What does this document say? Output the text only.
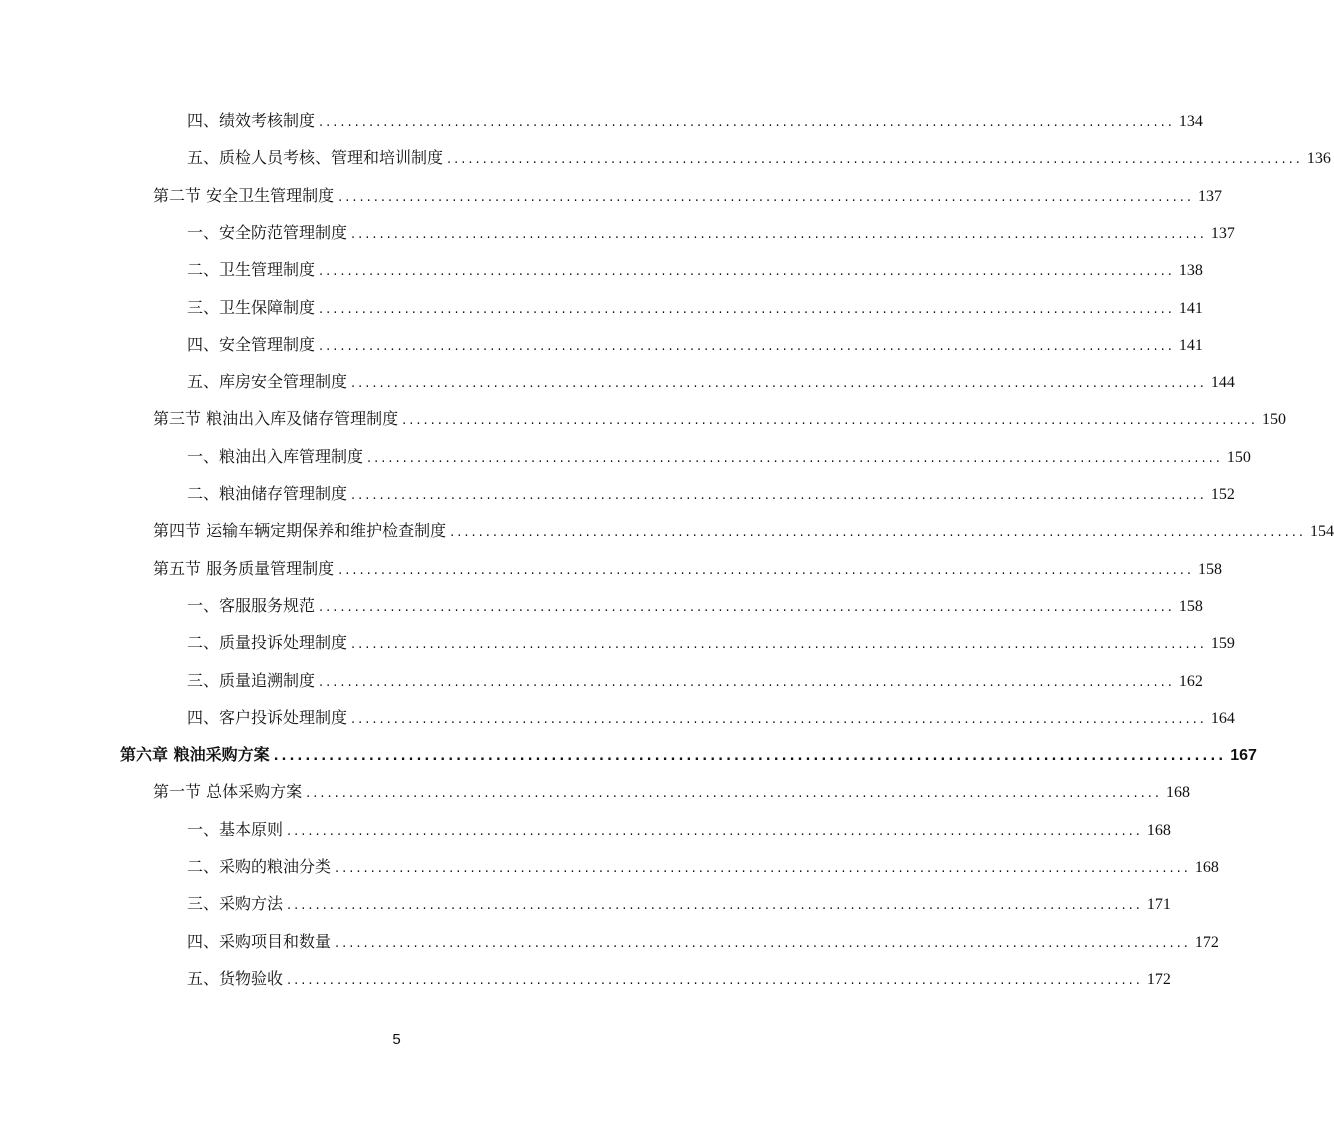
四、绩效考核制度 ........................................................................................................................ 134
五、质检人员考核、管理和培训制度 ........................................................................................................................ 136
第二节 安全卫生管理制度 ........................................................................................................................ 137
一、安全防范管理制度 ........................................................................................................................ 137
二、卫生管理制度 ........................................................................................................................ 138
三、卫生保障制度 ........................................................................................................................ 141
四、安全管理制度 ........................................................................................................................ 141
五、库房安全管理制度 ........................................................................................................................ 144
第三节 粮油出入库及储存管理制度 ........................................................................................................................ 150
一、粮油出入库管理制度 ........................................................................................................................ 150
二、粮油储存管理制度 ........................................................................................................................ 152
第四节 运输车辆定期保养和维护检查制度 ........................................................................................................................ 154
第五节 服务质量管理制度 ........................................................................................................................ 158
一、客服服务规范 ........................................................................................................................ 158
二、质量投诉处理制度 ........................................................................................................................ 159
三、质量追溯制度 ........................................................................................................................ 162
四、客户投诉处理制度 ........................................................................................................................ 164
第六章 粮油采购方案 ........................................................................................................................ 167
第一节 总体采购方案 ........................................................................................................................ 168
一、基本原则 ........................................................................................................................ 168
二、采购的粮油分类 ........................................................................................................................ 168
三、采购方法 ........................................................................................................................ 171
四、采购项目和数量 ........................................................................................................................ 172
五、货物验收 ........................................................................................................................ 172
5
